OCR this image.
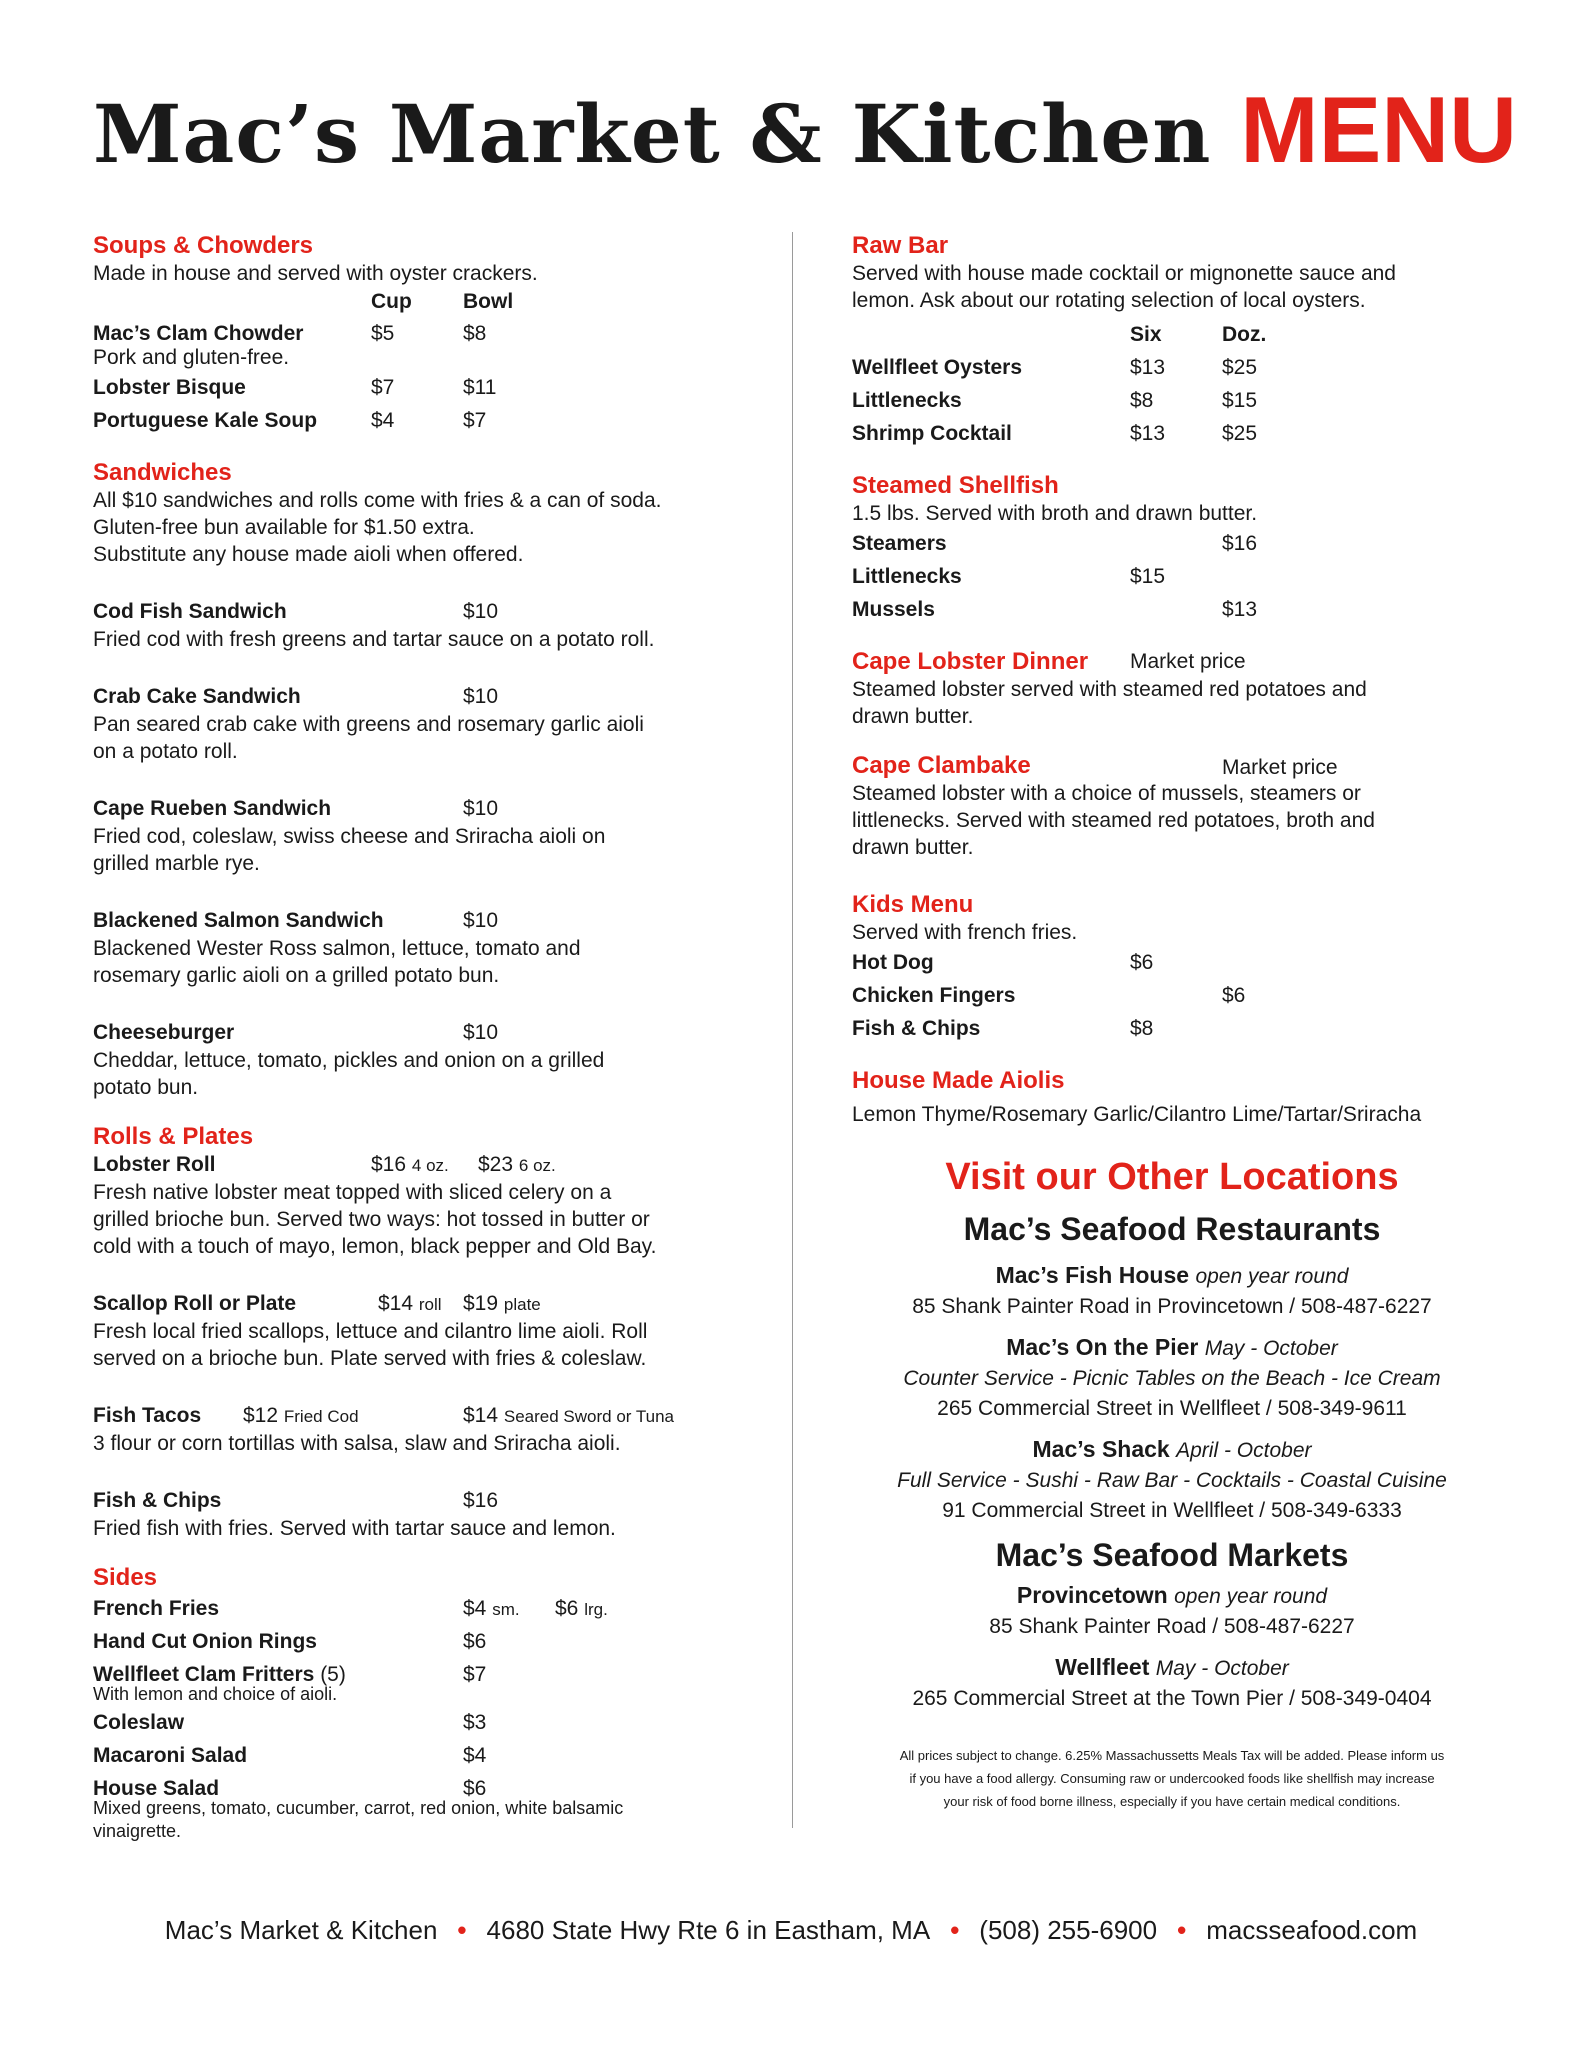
Mac’s Market & Kitchen MENU
Soups & Chowders
Made in house and served with oyster crackers.
Cup Bowl
Mac’s Clam Chowder	$5	$8
Pork and gluten-free.
Lobster Bisque	$7	$11
Portuguese Kale Soup	$4	$7
Sandwiches
All $10 sandwiches and rolls come with fries & a can of soda.
Gluten-free bun available for $1.50 extra.
Substitute any house made aioli when offered.
Cod Fish Sandwich	$10
Fried cod with fresh greens and tartar sauce on a potato roll.
Crab Cake Sandwich	$10
Pan seared crab cake with greens and rosemary garlic aioli
on a potato roll.
Cape Rueben Sandwich	$10
Fried cod, coleslaw, swiss cheese and Sriracha aioli on
grilled marble rye.
Blackened Salmon Sandwich	$10
Blackened Wester Ross salmon, lettuce, tomato and
rosemary garlic aioli on a grilled potato bun.
Cheeseburger	$10
Cheddar, lettuce, tomato, pickles and onion on a grilled
potato bun.
Rolls & Plates
Lobster Roll	$16 4 oz. $23 6 oz.
Fresh native lobster meat topped with sliced celery on a
grilled brioche bun. Served two ways: hot tossed in butter or
cold with a touch of mayo, lemon, black pepper and Old Bay.
Scallop Roll or Plate	$14 roll $19 plate
Fresh local fried scallops, lettuce and cilantro lime aioli. Roll
served on a brioche bun. Plate served with fries & coleslaw.
Fish Tacos $12 Fried Cod	$14 Seared Sword or Tuna
3 flour or corn tortillas with salsa, slaw and Sriracha aioli.
Fish & Chips	$16
Fried fish with fries. Served with tartar sauce and lemon.
Sides
French Fries	$4 sm. $6 lrg.
Hand Cut Onion Rings	$6
Wellfleet Clam Fritters (5)	$7
With lemon and choice of aioli.
Coleslaw	$3
Macaroni Salad	$4
House Salad	$6
Mixed greens, tomato, cucumber, carrot, red onion, white balsamic
vinaigrette.
Raw Bar
Served with house made cocktail or mignonette sauce and
lemon. Ask about our rotating selection of local oysters.
Six	Doz.
Wellfleet Oysters	$13	$25
Littlenecks	$8	$15
Shrimp Cocktail	$13	$25
Steamed Shellfish
1.5 lbs. Served with broth and drawn butter.
Steamers	$16
Littlenecks	$15
Mussels	$13
Cape Lobster Dinner Market price
Steamed lobster served with steamed red potatoes and
drawn butter.
Cape Clambake	Market price
Steamed lobster with a choice of mussels, steamers or
littlenecks. Served with steamed red potatoes, broth and
drawn butter.
Kids Menu
Served with french fries.
Hot Dog	$6
Chicken Fingers	$6
Fish & Chips	$8
House Made Aiolis
Lemon Thyme/Rosemary Garlic/Cilantro Lime/Tartar/Sriracha
Visit our Other Locations
Mac’s Seafood Restaurants
Mac’s Fish House open year round
85 Shank Painter Road in Provincetown / 508-487-6227
Mac’s On the Pier May - October
Counter Service - Picnic Tables on the Beach - Ice Cream
265 Commercial Street in Wellfleet / 508-349-9611
Mac’s Shack April - October
Full Service - Sushi - Raw Bar - Cocktails - Coastal Cuisine
91 Commercial Street in Wellfleet / 508-349-6333
Mac’s Seafood Markets
Provincetown open year round
85 Shank Painter Road / 508-487-6227
Wellfleet May - October
265 Commercial Street at the Town Pier / 508-349-0404
All prices subject to change. 6.25% Massachussetts Meals Tax will be added. Please inform us
if you have a food allergy. Consuming raw or undercooked foods like shellfish may increase
your risk of food borne illness, especially if you have certain medical conditions.
Mac’s Market & Kitchen • 4680 State Hwy Rte 6 in Eastham, MA • (508) 255-6900 • macsseafood.com
